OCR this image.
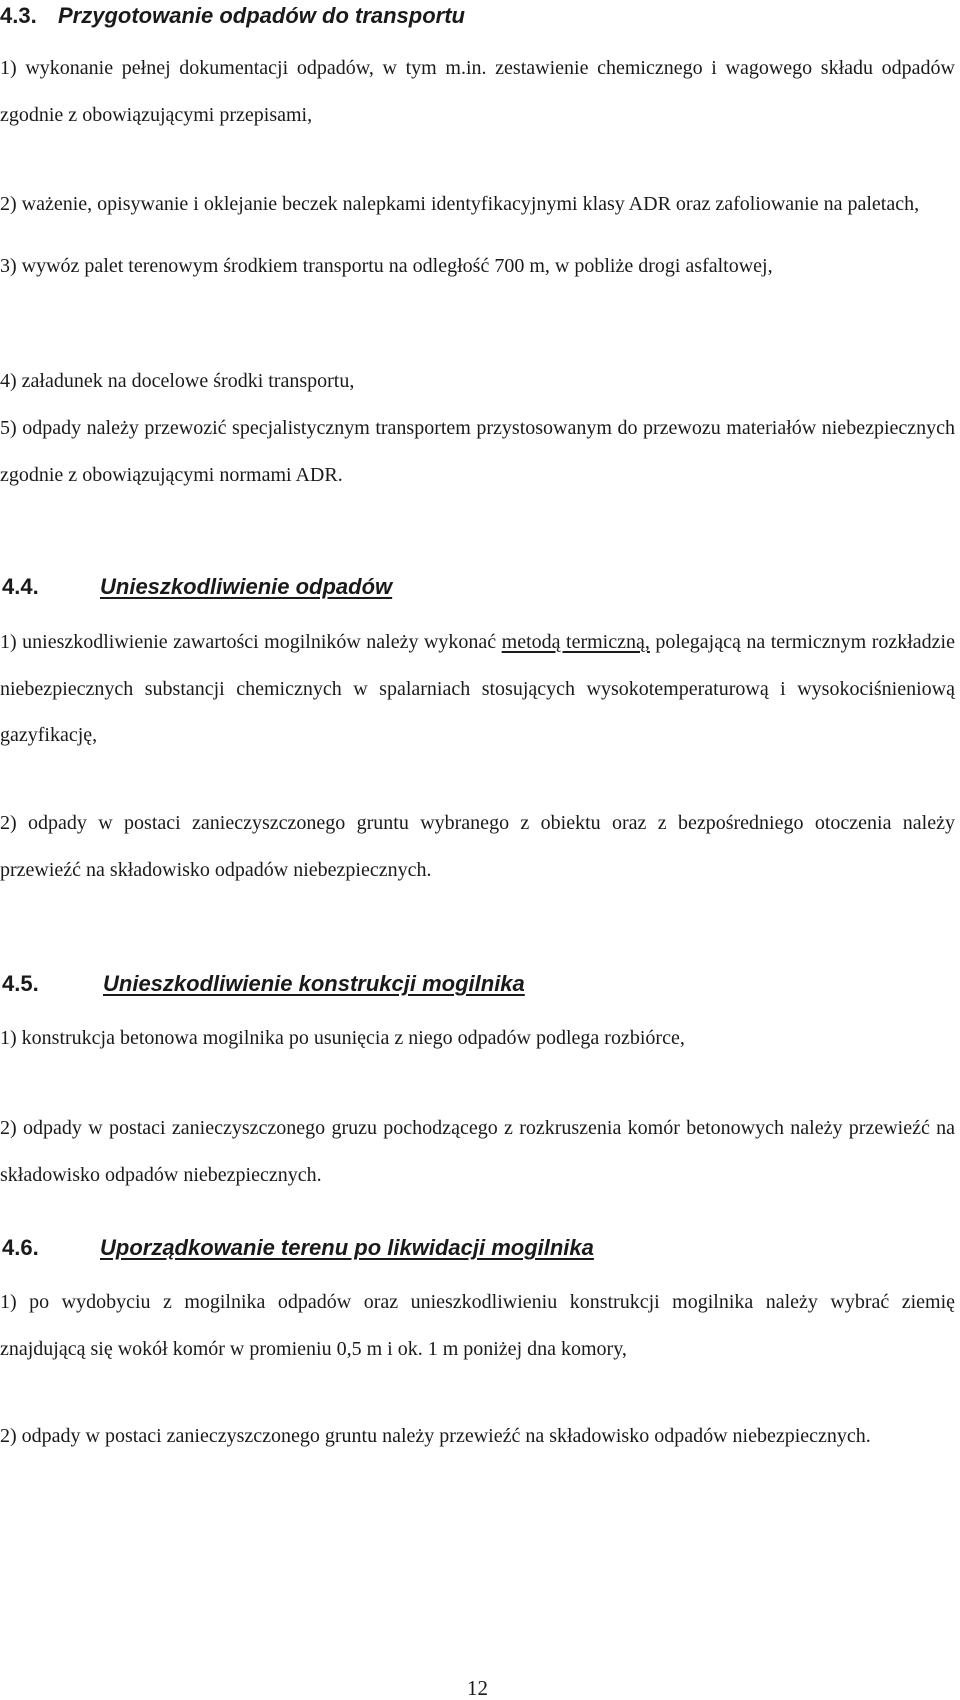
4.3. Przygotowanie odpadów do transportu

1) wykonanie pełnej dokumentacji odpadów, w tym m.in. zestawienie chemicznego i wagowego składu odpadów zgodnie z obowiązującymi przepisami,

2) ważenie, opisywanie i oklejanie beczek nalepkami identyfikacyjnymi klasy ADR oraz zafoliowanie na paletach,

3) wywóz palet terenowym środkiem transportu na odległość 700 m, w pobliże drogi asfaltowej,

4) załadunek na docelowe środki transportu,

5) odpady należy przewozić specjalistycznym transportem przystosowanym do przewozu materiałów niebezpiecznych zgodnie z obowiązującymi normami ADR.

4.4.	Unieszkodliwienie odpadów

1) unieszkodliwienie zawartości mogilników należy wykonać metodą termiczną, polegającą na termicznym rozkładzie niebezpiecznych substancji chemicznych w spalarniach stosujących wysokotemperaturową i wysokociśnieniową gazyfikację,

2) odpady w postaci zanieczyszczonego gruntu wybranego z obiektu oraz z bezpośredniego otoczenia należy przewieźć na składowisko odpadów niebezpiecznych.

4.5.	Unieszkodliwienie konstrukcji mogilnika

1) konstrukcja betonowa mogilnika po usunięcia z niego odpadów podlega rozbiórce,

2) odpady w postaci zanieczyszczonego gruzu pochodzącego z rozkruszenia komór betonowych należy przewieźć na składowisko odpadów niebezpiecznych.

4.6.	Uporządkowanie terenu po likwidacji mogilnika

1) po wydobyciu z mogilnika odpadów oraz unieszkodliwieniu konstrukcji mogilnika należy wybrać ziemię znajdującą się wokół komór w promieniu 0,5 m i ok. 1 m poniżej dna komory,

2) odpady w postaci zanieczyszczonego gruntu należy przewieźć na składowisko odpadów niebezpiecznych.

12
